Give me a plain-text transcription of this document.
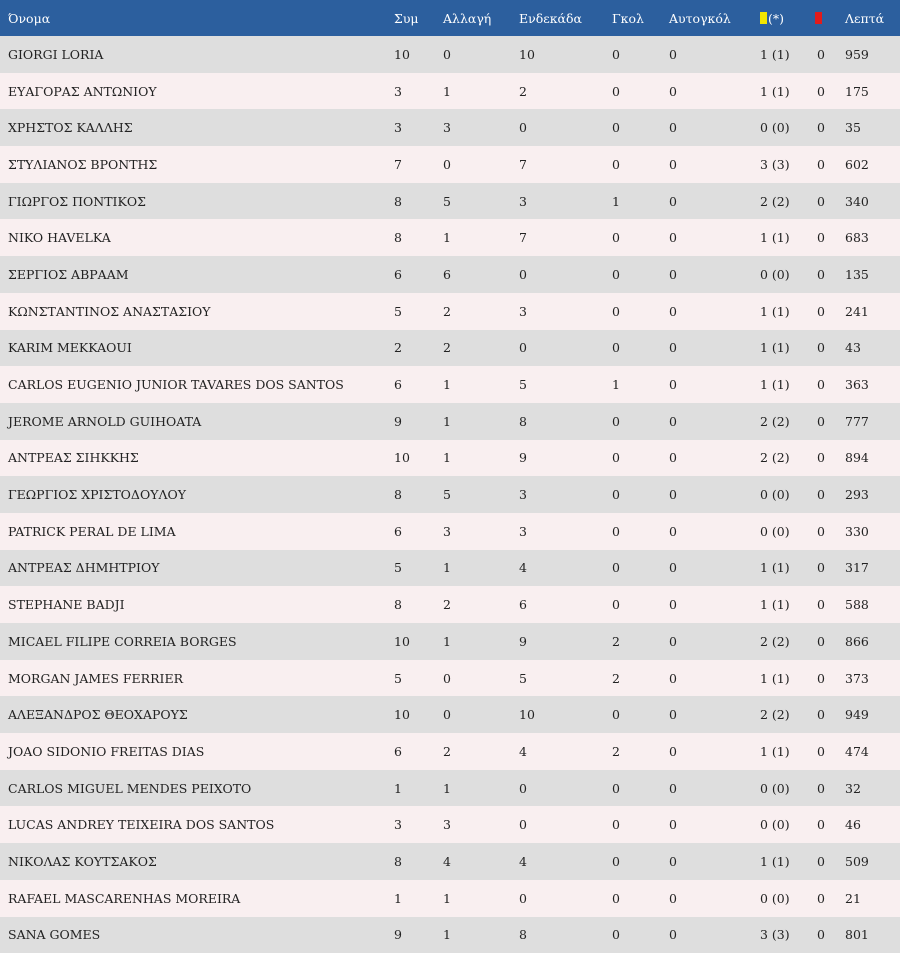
Όνομα	Συμ	Αλλαγή	Ενδεκάδα	Γκολ	Αυτογκόλ	(*)		Λεπτά
GIORGI LORIA	10	0	10	0	0	1 (1)	0	959
ΕΥΑΓΟΡΑΣ ΑΝΤΩΝΙΟΥ	3	1	2	0	0	1 (1)	0	175
ΧΡΗΣΤΟΣ ΚΑΛΛΗΣ	3	3	0	0	0	0 (0)	0	35
ΣΤΥΛΙΑΝΟΣ ΒΡΟΝΤΗΣ	7	0	7	0	0	3 (3)	0	602
ΓΙΩΡΓΟΣ ΠΟΝΤΙΚΟΣ	8	5	3	1	0	2 (2)	0	340
NIKO HAVELKA	8	1	7	0	0	1 (1)	0	683
ΣΕΡΓΙΟΣ ΑΒΡΑΑΜ	6	6	0	0	0	0 (0)	0	135
ΚΩΝΣΤΑΝΤΙΝΟΣ ΑΝΑΣΤΑΣΙΟΥ	5	2	3	0	0	1 (1)	0	241
KARIM MEKKAOUI	2	2	0	0	0	1 (1)	0	43
CARLOS EUGENIO JUNIOR TAVARES DOS SANTOS	6	1	5	1	0	1 (1)	0	363
JEROME ARNOLD GUIHOATA	9	1	8	0	0	2 (2)	0	777
ΑΝΤΡΕΑΣ ΣΙΗΚΚΗΣ	10	1	9	0	0	2 (2)	0	894
ΓΕΩΡΓΙΟΣ ΧΡΙΣΤΟΔΟΥΛΟΥ	8	5	3	0	0	0 (0)	0	293
PATRICK PERAL DE LIMA	6	3	3	0	0	0 (0)	0	330
ΑΝΤΡΕΑΣ ΔΗΜΗΤΡΙΟΥ	5	1	4	0	0	1 (1)	0	317
STEPHANE BADJI	8	2	6	0	0	1 (1)	0	588
MICAEL FILIPE CORREIA BORGES	10	1	9	2	0	2 (2)	0	866
MORGAN JAMES FERRIER	5	0	5	2	0	1 (1)	0	373
ΑΛΕΞΑΝΔΡΟΣ ΘΕΟΧΑΡΟΥΣ	10	0	10	0	0	2 (2)	0	949
JOAO SIDONIO FREITAS DIAS	6	2	4	2	0	1 (1)	0	474
CARLOS MIGUEL MENDES PEIXOTO	1	1	0	0	0	0 (0)	0	32
LUCAS ANDREY TEIXEIRA DOS SANTOS	3	3	0	0	0	0 (0)	0	46
ΝΙΚΟΛΑΣ ΚΟΥΤΣΑΚΟΣ	8	4	4	0	0	1 (1)	0	509
RAFAEL MASCARENHAS MOREIRA	1	1	0	0	0	0 (0)	0	21
SANA GOMES	9	1	8	0	0	3 (3)	0	801
